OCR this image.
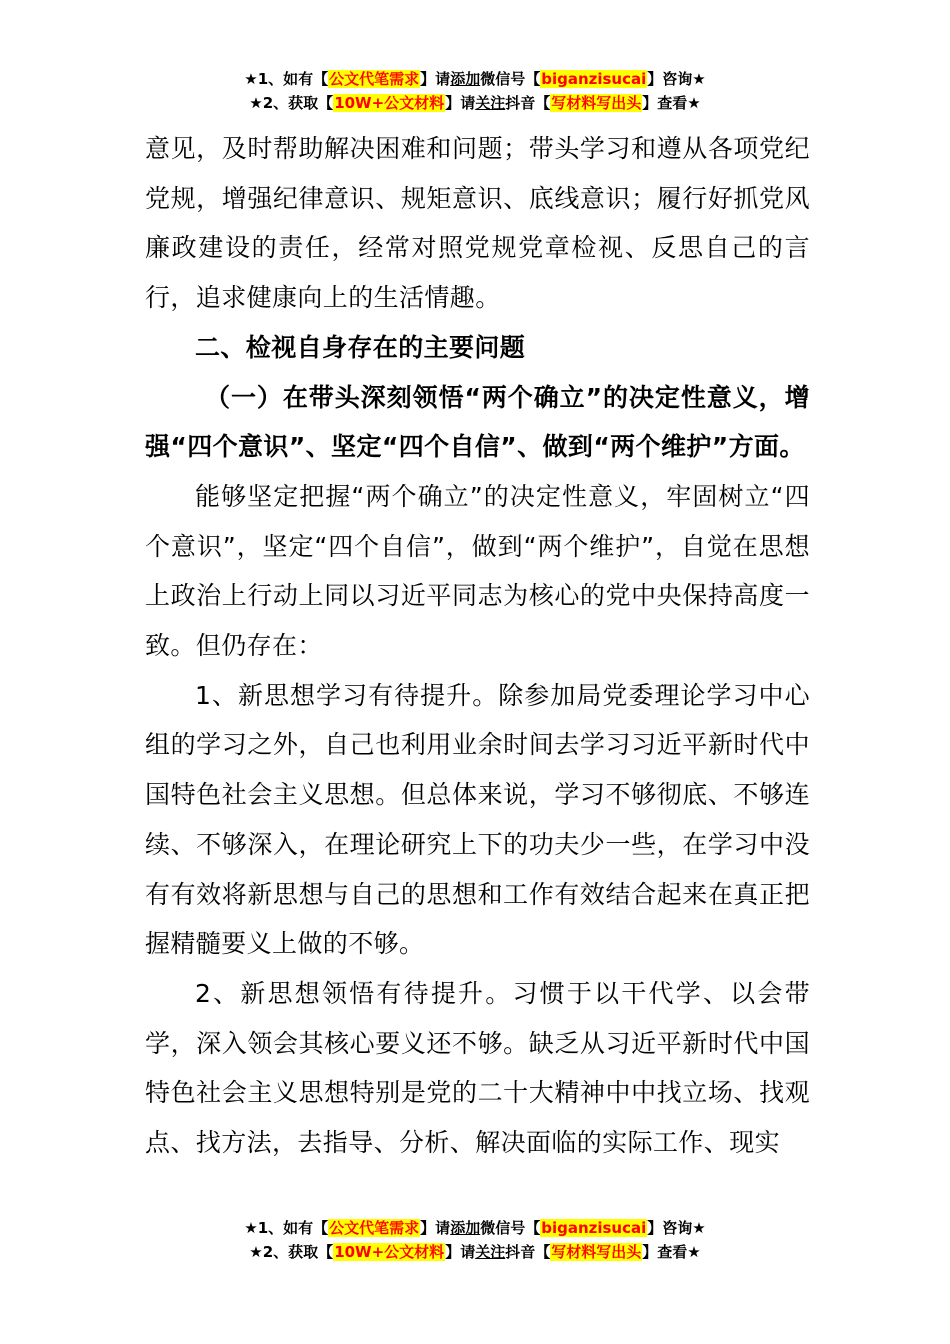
★1、如有【公文代笔需求】请添加微信号【biganzisucai】咨询★
★2、获取【10W+公文材料】请关注抖音【写材料写出头】查看★

意见，及时帮助解决困难和问题；带头学习和遵从各项党纪党规，增强纪律意识、规矩意识、底线意识；履行好抓党风廉政建设的责任，经常对照党规党章检视、反思自己的言行，追求健康向上的生活情趣。

二、检视自身存在的主要问题

（一）在带头深刻领悟“两个确立”的决定性意义，增强“四个意识”、坚定“四个自信”、做到“两个维护”方面。

能够坚定把握“两个确立”的决定性意义，牢固树立“四个意识”，坚定“四个自信”，做到“两个维护”，自觉在思想上政治上行动上同以习近平同志为核心的党中央保持高度一致。但仍存在：

1、新思想学习有待提升。除参加局党委理论学习中心组的学习之外，自己也利用业余时间去学习习近平新时代中国特色社会主义思想。但总体来说，学习不够彻底、不够连续、不够深入，在理论研究上下的功夫少一些，在学习中没有有效将新思想与自己的思想和工作有效结合起来在真正把握精髓要义上做的不够。

2、新思想领悟有待提升。习惯于以干代学、以会带学，深入领会其核心要义还不够。缺乏从习近平新时代中国特色社会主义思想特别是党的二十大精神中中找立场、找观点、找方法，去指导、分析、解决面临的实际工作、现实

★1、如有【公文代笔需求】请添加微信号【biganzisucai】咨询★
★2、获取【10W+公文材料】请关注抖音【写材料写出头】查看★
